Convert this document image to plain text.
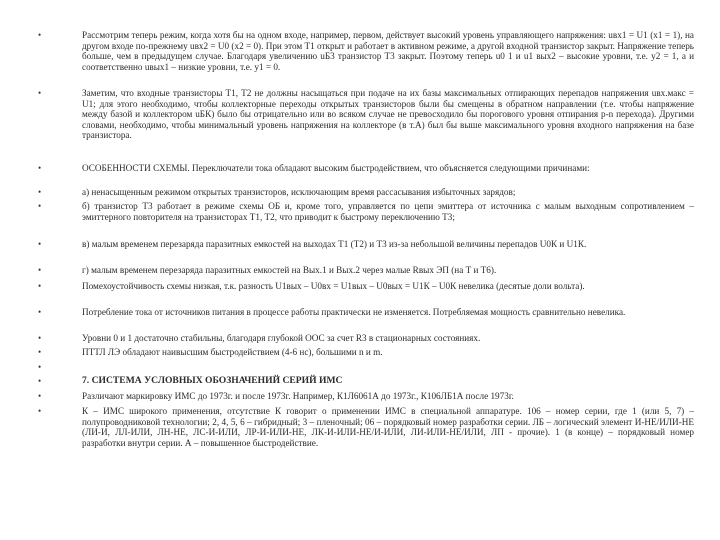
•	Рассмотрим теперь режим, когда хотя бы на одном входе, например, первом, действует высокий уровень управляющего напряжения: uвх1 = U1 (x1 = 1), на другом входе по-прежнему uвх2 = U0 (x2 = 0). При этом Т1 открыт и работает в активном режиме, а другой входной транзистор закрыт. Напряжение теперь больше, чем в предыдущем случае. Благодаря увеличению uБ3 транзистор Т3 закрыт. Поэтому теперь u0 1 и u1 вых2 – высокие уровни, т.е. y2 = 1, а и соответственно uвых1 – низкие уровни, т.е. y1 = 0.
•	Заметим, что входные транзисторы Т1, Т2 не должны насыщаться при подаче на их базы максимальных отпирающих перепадов напряжения uвх.макс = U1; для этого необходимо, чтобы коллекторные переходы открытых транзисторов были бы смещены в обратном направлении (т.е. чтобы напряжение между базой и коллектором uБК) было бы отрицательно или во всяком случае не превосходило бы порогового уровня отпирания p-n перехода). Другими словами, необходимо, чтобы минимальный уровень напряжения на коллекторе (в т.А) был бы выше максимального уровня входного напряжения на базе транзистора.
•	ОСОБЕННОСТИ СХЕМЫ. Переключатели тока обладают высоким быстродействием, что объясняется следующими причинами:
•	а) ненасыщенным режимом открытых транзисторов, исключающим время рассасывания избыточных зарядов;
•	б) транзистор Т3 работает в режиме схемы ОБ и, кроме того, управляется по цепи эмиттера от источника с малым выходным сопротивлением – эмиттерного повторителя на транзисторах Т1, Т2, что приводит к быстрому переключению Т3;
•	в) малым временем перезаряда паразитных емкостей на выходах Т1 (Т2) и Т3 из-за небольшой величины перепадов U0К и U1К.
•	г) малым временем перезаряда паразитных емкостей на Вых.1 и Вых.2 через малые Rвых ЭП (на Т и Т6).
•	Помехоустойчивость схемы низкая, т.к. разность U1вых – U0вх = U1вых – U0вых = U1К – U0К невелика (десятые доли вольта).
•	Потребление тока от источников питания в процессе работы практически не изменяется. Потребляемая мощность сравнительно невелика.
•	Уровни 0 и 1 достаточно стабильны, благодаря глубокой ООС за счет R3 в стационарных состояниях.
•	ПТТЛ ЛЭ обладают наивысшим быстродействием (4-6 нс), большими n и m.
•
•	7. СИСТЕМА УСЛОВНЫХ ОБОЗНАЧЕНИЙ СЕРИЙ ИМС
•	Различают маркировку ИМС до 1973г. и после 1973г. Например, К1Л6061А до 1973г., К106ЛБ1А после 1973г.
•	К – ИМС широкого применения, отсутствие К говорит о применении ИМС в специальной аппаратуре. 106 – номер серии, где 1 (или 5, 7) – полупроводниковой технологии; 2, 4, 5, 6 – гибридный; 3 – пленочный; 06 – порядковый номер разработки серии. ЛБ – логический элемент И-НЕ/ИЛИ-НЕ (ЛИ-И, ЛЛ-ИЛИ, ЛН-НЕ, ЛС-И-ИЛИ, ЛР-И-ИЛИ-НЕ, ЛК-И-ИЛИ-НЕ/И-ИЛИ, ЛИ-ИЛИ-НЕ/ИЛИ, ЛП - прочие). 1 (в конце) – порядковый номер разработки внутри серии. А – повышенное быстродействие.
